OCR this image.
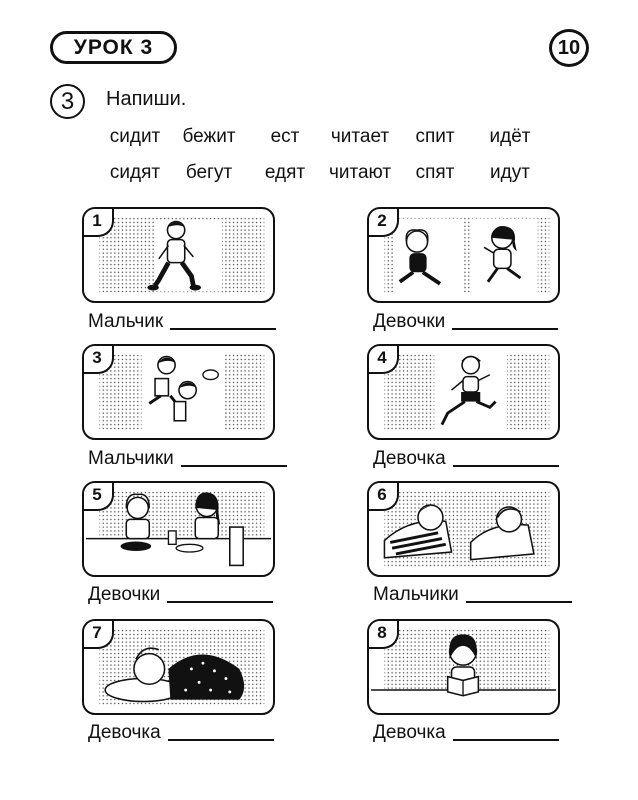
УРОК 3	10
3	Напиши.
сидит бежит ест читает спит идёт
сидят бегут едят читают спят идут
1
Мальчик
2
Девочки
3
Мальчики
4
Девочка
5
Девочки
6
Мальчики
7
Девочка
8
Девочка
